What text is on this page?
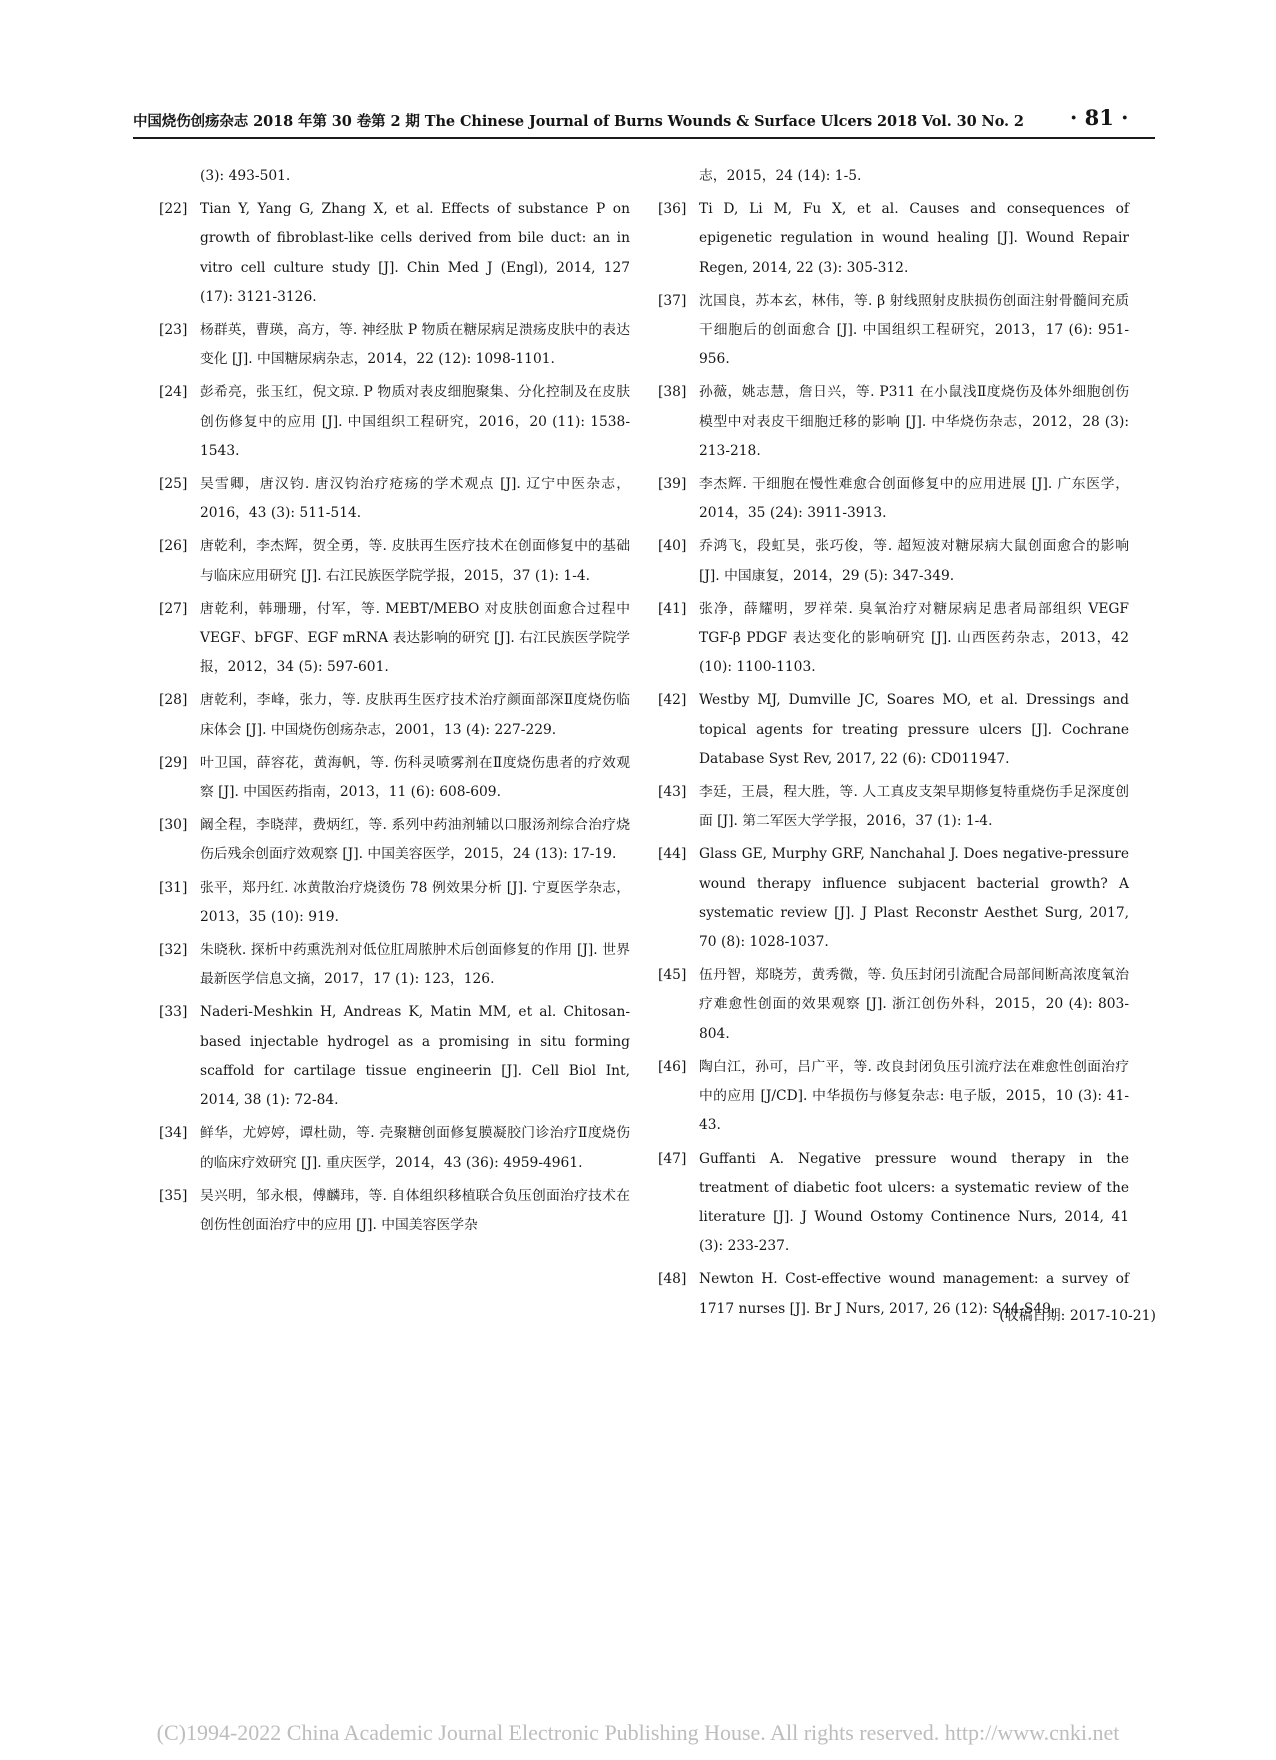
中国烧伤创疡杂志 2018 年第 30 卷第 2 期 The Chinese Journal of Burns Wounds & Surface Ulcers 2018 Vol. 30 No. 2 · 81 ·
(3): 493-501.
[22] Tian Y, Yang G, Zhang X, et al. Effects of substance P on growth of fibroblast-like cells derived from bile duct: an in vitro cell culture study [J]. Chin Med J (Engl), 2014, 127 (17): 3121-3126.
[23] 杨群英，曹瑛，高方，等. 神经肽 P 物质在糖尿病足溃疡皮肤中的表达变化 [J]. 中国糖尿病杂志，2014，22 (12): 1098-1101.
[24] 彭希亮，张玉红，倪文琼. P 物质对表皮细胞聚集、分化控制及在皮肤创伤修复中的应用 [J]. 中国组织工程研究，2016，20 (11): 1538-1543.
[25] 吴雪卿，唐汉钧. 唐汉钧治疗疮疡的学术观点 [J]. 辽宁中医杂志，2016，43 (3): 511-514.
[26] 唐乾利，李杰辉，贺全勇，等. 皮肤再生医疗技术在创面修复中的基础与临床应用研究 [J]. 右江民族医学院学报，2015，37 (1): 1-4.
[27] 唐乾利，韩珊珊，付军，等. MEBT/MEBO 对皮肤创面愈合过程中 VEGF、bFGF、EGF mRNA 表达影响的研究 [J]. 右江民族医学院学报，2012，34 (5): 597-601.
[28] 唐乾利，李峰，张力，等. 皮肤再生医疗技术治疗颜面部深Ⅱ度烧伤临床体会 [J]. 中国烧伤创疡杂志，2001，13 (4): 227-229.
[29] 叶卫国，薛容花，黄海帆，等. 伤科灵喷雾剂在Ⅱ度烧伤患者的疗效观察 [J]. 中国医药指南，2013，11 (6): 608-609.
[30] 阚全程，李晓萍，费炳红，等. 系列中药油剂辅以口服汤剂综合治疗烧伤后残余创面疗效观察 [J]. 中国美容医学，2015，24 (13): 17-19.
[31] 张平，郑丹红. 冰黄散治疗烧烫伤 78 例效果分析 [J]. 宁夏医学杂志，2013，35 (10): 919.
[32] 朱晓秋. 探析中药熏洗剂对低位肛周脓肿术后创面修复的作用 [J]. 世界最新医学信息文摘，2017，17 (1): 123，126.
[33] Naderi-Meshkin H, Andreas K, Matin MM, et al. Chitosan-based injectable hydrogel as a promising in situ forming scaffold for cartilage tissue engineerin [J]. Cell Biol Int, 2014, 38 (1): 72-84.
[34] 鲜华，尤婷婷，谭杜勋，等. 壳聚糖创面修复膜凝胶门诊治疗Ⅱ度烧伤的临床疗效研究 [J]. 重庆医学，2014，43 (36): 4959-4961.
[35] 吴兴明，邹永根，傅麟玮，等. 自体组织移植联合负压创面治疗技术在创伤性创面治疗中的应用 [J]. 中国美容医学杂
志，2015，24 (14): 1-5.
[36] Ti D, Li M, Fu X, et al. Causes and consequences of epigenetic regulation in wound healing [J]. Wound Repair Regen, 2014, 22 (3): 305-312.
[37] 沈国良，苏本玄，林伟，等. β 射线照射皮肤损伤创面注射骨髓间充质干细胞后的创面愈合 [J]. 中国组织工程研究，2013，17 (6): 951-956.
[38] 孙薇，姚志慧，詹日兴，等. P311 在小鼠浅Ⅱ度烧伤及体外细胞创伤模型中对表皮干细胞迁移的影响 [J]. 中华烧伤杂志，2012，28 (3): 213-218.
[39] 李杰辉. 干细胞在慢性难愈合创面修复中的应用进展 [J]. 广东医学，2014，35 (24): 3911-3913.
[40] 乔鸿飞，段虹昊，张巧俊，等. 超短波对糖尿病大鼠创面愈合的影响 [J]. 中国康复，2014，29 (5): 347-349.
[41] 张净，薛耀明，罗祥荣. 臭氧治疗对糖尿病足患者局部组织 VEGF TGF-β PDGF 表达变化的影响研究 [J]. 山西医药杂志，2013，42 (10): 1100-1103.
[42] Westby MJ, Dumville JC, Soares MO, et al. Dressings and topical agents for treating pressure ulcers [J]. Cochrane Database Syst Rev, 2017, 22 (6): CD011947.
[43] 李廷，王晨，程大胜，等. 人工真皮支架早期修复特重烧伤手足深度创面 [J]. 第二军医大学学报，2016，37 (1): 1-4.
[44] Glass GE, Murphy GRF, Nanchahal J. Does negative-pressure wound therapy influence subjacent bacterial growth? A systematic review [J]. J Plast Reconstr Aesthet Surg, 2017, 70 (8): 1028-1037.
[45] 伍丹智，郑晓芳，黄秀微，等. 负压封闭引流配合局部间断高浓度氧治疗难愈性创面的效果观察 [J]. 浙江创伤外科，2015，20 (4): 803-804.
[46] 陶白江，孙可，吕广平，等. 改良封闭负压引流疗法在难愈性创面治疗中的应用 [J/CD]. 中华损伤与修复杂志: 电子版，2015，10 (3): 41-43.
[47] Guffanti A. Negative pressure wound therapy in the treatment of diabetic foot ulcers: a systematic review of the literature [J]. J Wound Ostomy Continence Nurs, 2014, 41 (3): 233-237.
[48] Newton H. Cost-effective wound management: a survey of 1717 nurses [J]. Br J Nurs, 2017, 26 (12): S44-S49.
(收稿日期: 2017-10-21)
(C)1994-2022 China Academic Journal Electronic Publishing House. All rights reserved. http://www.cnki.net
